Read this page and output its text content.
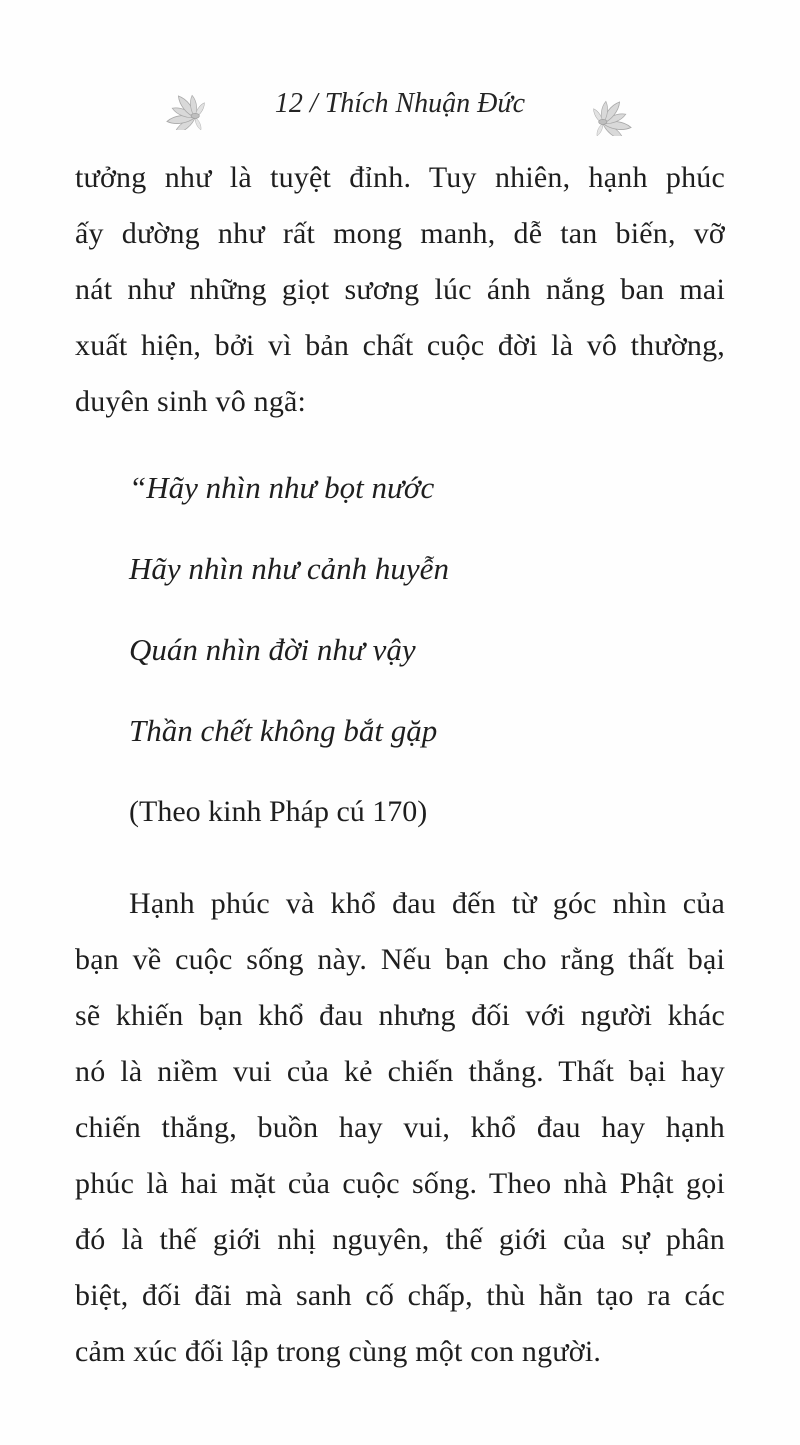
12 / Thích Nhuận Đức
tưởng như là tuyệt đỉnh. Tuy nhiên, hạnh phúc
ấy dường như rất mong manh, dễ tan biến, vỡ
nát như những giọt sương lúc ánh nắng ban mai
xuất hiện, bởi vì bản chất cuộc đời là vô thường,
duyên sinh vô ngã:

“Hãy nhìn như bọt nước

Hãy nhìn như cảnh huyễn

Quán nhìn đời như vậy

Thần chết không bắt gặp

(Theo kinh Pháp cú 170)

Hạnh phúc và khổ đau đến từ góc nhìn của
bạn về cuộc sống này. Nếu bạn cho rằng thất bại
sẽ khiến bạn khổ đau nhưng đối với người khác
nó là niềm vui của kẻ chiến thắng. Thất bại hay
chiến thắng, buồn hay vui, khổ đau hay hạnh
phúc là hai mặt của cuộc sống. Theo nhà Phật gọi
đó là thế giới nhị nguyên, thế giới của sự phân
biệt, đối đãi mà sanh cố chấp, thù hằn tạo ra các
cảm xúc đối lập trong cùng một con người.
